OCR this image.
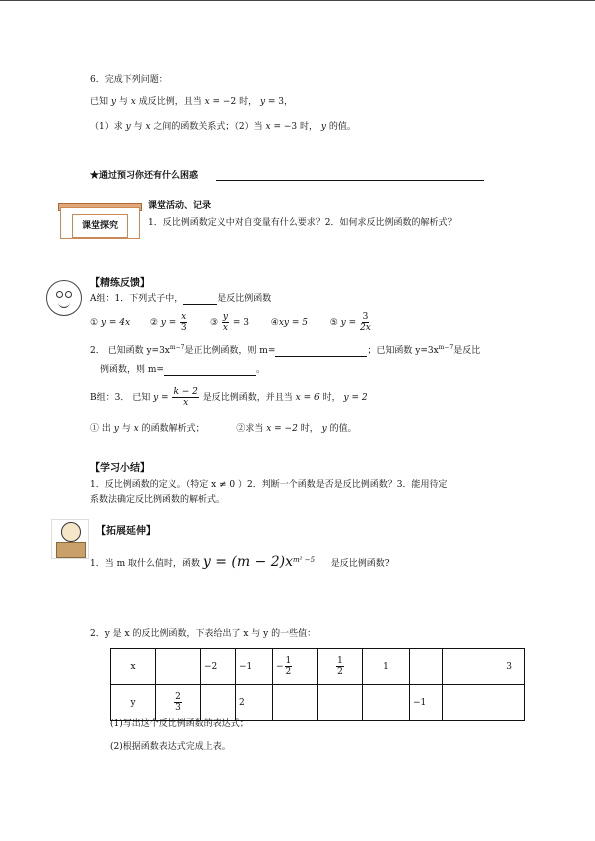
6．完成下列问题：
已知 y 与 x 成反比例，且当 x = −2 时， y = 3，
（1）求 y 与 x 之间的函数关系式；（2）当 x = −3 时， y 的值。
★通过预习你还有什么困惑
课堂探究
课堂活动、记录
1．反比例函数定义中对自变量有什么要求？2．如何求反比例函数的解析式？
【精练反馈】
A组：1．下列式子中，	是反比例函数
① y = 4x ② $y = \frac{x}{3}$	③ $\frac{y}{x} = 3$ ④xy = 5 ⑤ $y = \frac{3}{2x}$
2． 已知函数 $y=3x^{m-7}$是正比例函数，则 m=	；已知函数 $y=3x^{m-7}$是反比
例函数，则 m=	。
B组：3． 已知 $y = \frac{k - 2}{x}$ 是反比例函数，并且当 x = 6 时， y = 2
① 出 y 与 x 的函数解析式；	②求当 x = −2 时， y 的值。
【学习小结】
1．反比例函数的定义。（特定 x ≠ 0 ）2．判断一个函数是否是反比例函数？3．能用待定
系数法确定反比例函数的解析式。
【拓展延伸】
1．当 m 取什么值时，函数 $y = (m - 2)x^{m^2 -5}$ 是反比例函数?
2．y 是 x 的反比例函数，下表给出了 x 与 y 的一些值：
x		−2	−1	− $\frac{1}{2}$	$\frac{1}{2}$	1		3
y	$\frac{2}{3}$		2				−1	
(1)写出这个反比例函数的表达式；
(2)根据函数表达式完成上表。
